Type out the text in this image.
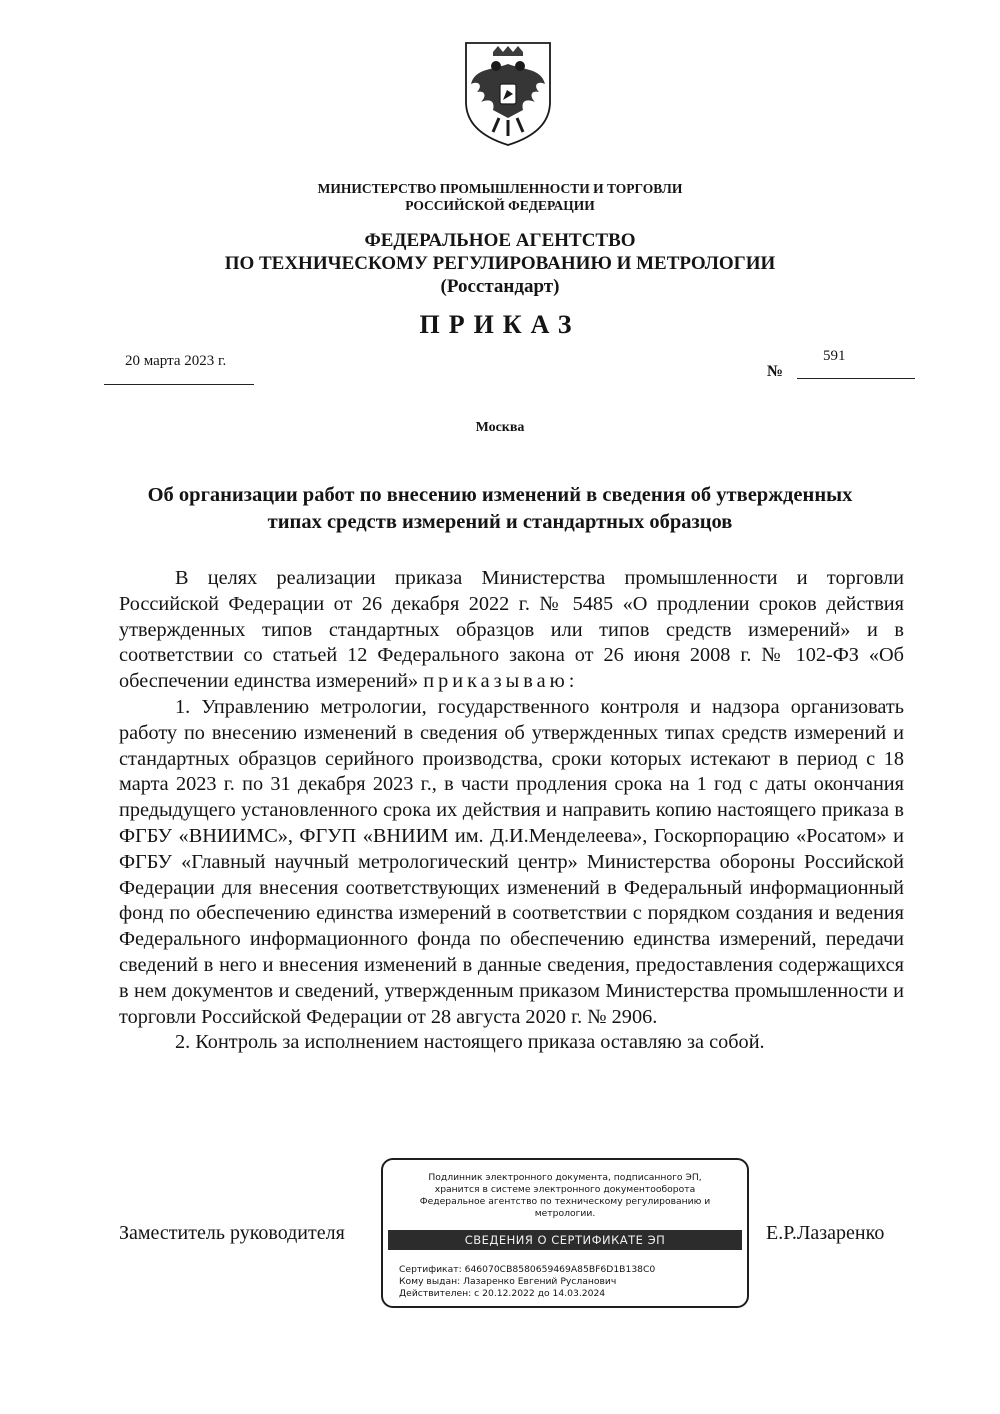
МИНИСТЕРСТВО ПРОМЫШЛЕННОСТИ И ТОРГОВЛИ
РОССИЙСКОЙ ФЕДЕРАЦИИ
ФЕДЕРАЛЬНОЕ АГЕНТСТВО
ПО ТЕХНИЧЕСКОМУ РЕГУЛИРОВАНИЮ И МЕТРОЛОГИИ
(Росстандарт)
ПРИКАЗ
20 марта 2023 г.
№
591
Москва
Об организации работ по внесению изменений в сведения об утвержденных
типах средств измерений и стандартных образцов

В целях реализации приказа Министерства промышленности и торговли Российской Федерации от 26 декабря 2022 г. № 5485 «О продлении сроков действия утвержденных типов стандартных образцов или типов средств измерений» и в соответствии со статьей 12 Федерального закона от 26 июня 2008 г. № 102-ФЗ «Об обеспечении единства измерений» приказываю:

1. Управлению метрологии, государственного контроля и надзора организовать работу по внесению изменений в сведения об утвержденных типах средств измерений и стандартных образцов серийного производства, сроки которых истекают в период с 18 марта 2023 г. по 31 декабря 2023 г., в части продления срока на 1 год с даты окончания предыдущего установленного срока их действия и направить копию настоящего приказа в ФГБУ «ВНИИМС», ФГУП «ВНИИМ им. Д.И.Менделеева», Госкорпорацию «Росатом» и ФГБУ «Главный научный метрологический центр» Министерства обороны Российской Федерации для внесения соответствующих изменений в Федеральный информационный фонд по обеспечению единства измерений в соответствии с порядком создания и ведения Федерального информационного фонда по обеспечению единства измерений, передачи сведений в него и внесения изменений в данные сведения, предоставления содержащихся в нем документов и сведений, утвержденным приказом Министерства промышленности и торговли Российской Федерации от 28 августа 2020 г. № 2906.

2. Контроль за исполнением настоящего приказа оставляю за собой.

Заместитель руководителя	Е.Р.Лазаренко
Подлинник электронного документа, подписанного ЭП,
хранится в системе электронного документооборота
Федеральное агентство по техническому регулированию и
метрологии.
СВЕДЕНИЯ О СЕРТИФИКАТЕ ЭП
Сертификат: 646070CB8580659469A85BF6D1B138C0
Кому выдан: Лазаренко Евгений Русланович
Действителен: с 20.12.2022 до 14.03.2024
